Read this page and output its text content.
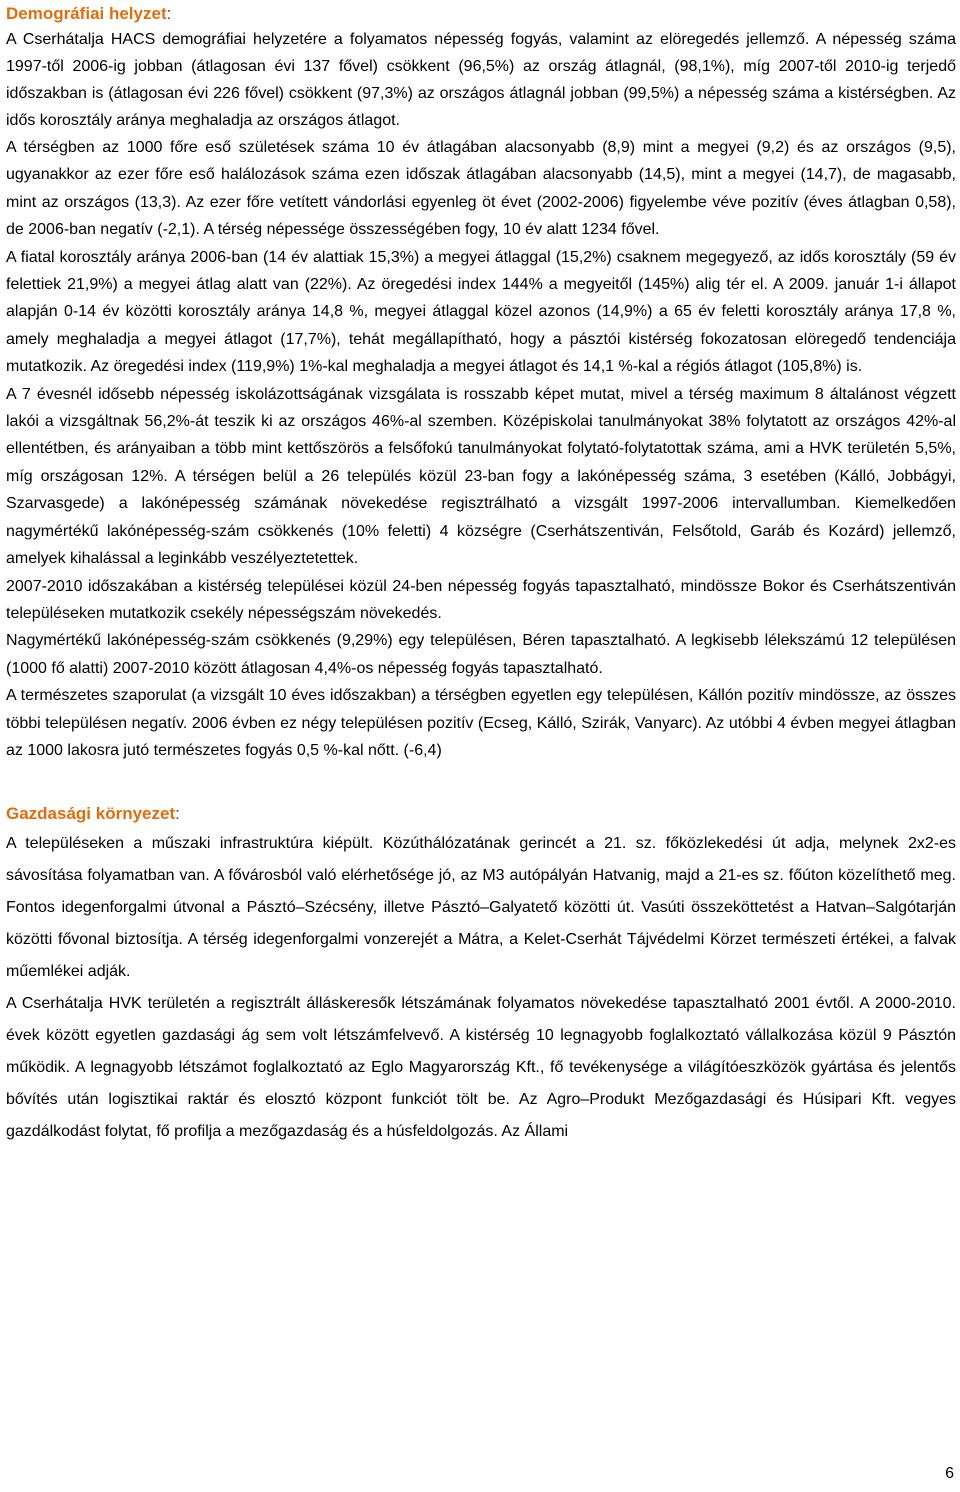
Demográfiai helyzet:

A Cserhátalja HACS demográfiai helyzetére a folyamatos népesség fogyás, valamint az elöregedés jellemző. A népesség száma 1997-től 2006-ig jobban (átlagosan évi 137 fővel) csökkent (96,5%) az ország átlagnál, (98,1%), míg 2007-től 2010-ig terjedő időszakban is (átlagosan évi 226 fővel) csökkent (97,3%) az országos átlagnál jobban (99,5%) a népesség száma a kistérségben. Az idős korosztály aránya meghaladja az országos átlagot.

A térségben az 1000 főre eső születések száma 10 év átlagában alacsonyabb (8,9) mint a megyei (9,2) és az országos (9,5), ugyanakkor az ezer főre eső halálozások száma ezen időszak átlagában alacsonyabb (14,5), mint a megyei (14,7), de magasabb, mint az országos (13,3). Az ezer főre vetített vándorlási egyenleg öt évet (2002-2006) figyelembe véve pozitív (éves átlagban 0,58), de 2006-ban negatív (-2,1). A térség népessége összességében fogy, 10 év alatt 1234 fővel.

A fiatal korosztály aránya 2006-ban (14 év alattiak 15,3%) a megyei átlaggal (15,2%) csaknem megegyező, az idős korosztály (59 év felettiek 21,9%) a megyei átlag alatt van (22%). Az öregedési index 144% a megyeitől (145%) alig tér el. A 2009. január 1-i állapot alapján 0-14 év közötti korosztály aránya 14,8 %, megyei átlaggal közel azonos (14,9%) a 65 év feletti korosztály aránya 17,8 %, amely meghaladja a megyei átlagot (17,7%), tehát megállapítható, hogy a pásztói kistérség fokozatosan elöregedő tendenciája mutatkozik. Az öregedési index (119,9%) 1%-kal meghaladja a megyei átlagot és 14,1 %-kal a régiós átlagot (105,8%) is.

A 7 évesnél idősebb népesség iskolázottságának vizsgálata is rosszabb képet mutat, mivel a térség maximum 8 általánost végzett lakói a vizsgáltnak 56,2%-át teszik ki az országos 46%-al szemben. Középiskolai tanulmányokat 38% folytatott az országos 42%-al ellentétben, és arányaiban a több mint kettőszörös a felsőfokú tanulmányokat folytató-folytatottak száma, ami a HVK területén 5,5%, míg országosan 12%. A térségen belül a 26 település közül 23-ban fogy a lakónépesség száma, 3 esetében (Kálló, Jobbágyi, Szarvasgede) a lakónépesség számának növekedése regisztrálható a vizsgált 1997-2006 intervallumban. Kiemelkedően nagymértékű lakónépesség-szám csökkenés (10% feletti) 4 községre (Cserhátszentiván, Felsőtold, Garáb és Kozárd) jellemző, amelyek kihalással a leginkább veszélyeztetettek.

2007-2010 időszakában a kistérség települései közül 24-ben népesség fogyás tapasztalható, mindössze Bokor és Cserhátszentiván településeken mutatkozik csekély népességszám növekedés.

Nagymértékű lakónépesség-szám csökkenés (9,29%) egy településen, Béren tapasztalható. A legkisebb lélekszámú 12 településen (1000 fő alatti) 2007-2010 között átlagosan 4,4%-os népesség fogyás tapasztalható.

A természetes szaporulat (a vizsgált 10 éves időszakban) a térségben egyetlen egy településen, Kállón pozitív mindössze, az összes többi településen negatív. 2006 évben ez négy településen pozitív (Ecseg, Kálló, Szirák, Vanyarc). Az utóbbi 4 évben megyei átlagban az 1000 lakosra jutó természetes fogyás 0,5 %-kal nőtt. (-6,4)

Gazdasági környezet:

A településeken a műszaki infrastruktúra kiépült. Közúthálózatának gerincét a 21. sz. főközlekedési út adja, melynek 2x2-es sávosítása folyamatban van. A fővárosból való elérhetősége jó, az M3 autópályán Hatvanig, majd a 21-es sz. főúton közelíthető meg. Fontos idegenforgalmi útvonal a Pásztó–Szécsény, illetve Pásztó–Galyatető közötti út. Vasúti összeköttetést a Hatvan–Salgótarján közötti fővonal biztosítja. A térség idegenforgalmi vonzerejét a Mátra, a Kelet-Cserhát Tájvédelmi Körzet természeti értékei, a falvak műemlékei adják.

A Cserhátalja HVK területén a regisztrált álláskeresők létszámának folyamatos növekedése tapasztalható 2001 évtől. A 2000-2010. évek között egyetlen gazdasági ág sem volt létszámfelvevő. A kistérség 10 legnagyobb foglalkoztató vállalkozása közül 9 Pásztón működik. A legnagyobb létszámot foglalkoztató az Eglo Magyarország Kft., fő tevékenysége a világítóeszközök gyártása és jelentős bővítés után logisztikai raktár és elosztó központ funkciót tölt be. Az Agro–Produkt Mezőgazdasági és Húsipari Kft. vegyes gazdálkodást folytat, fő profilja a mezőgazdaság és a húsfeldolgozás. Az Állami

6
